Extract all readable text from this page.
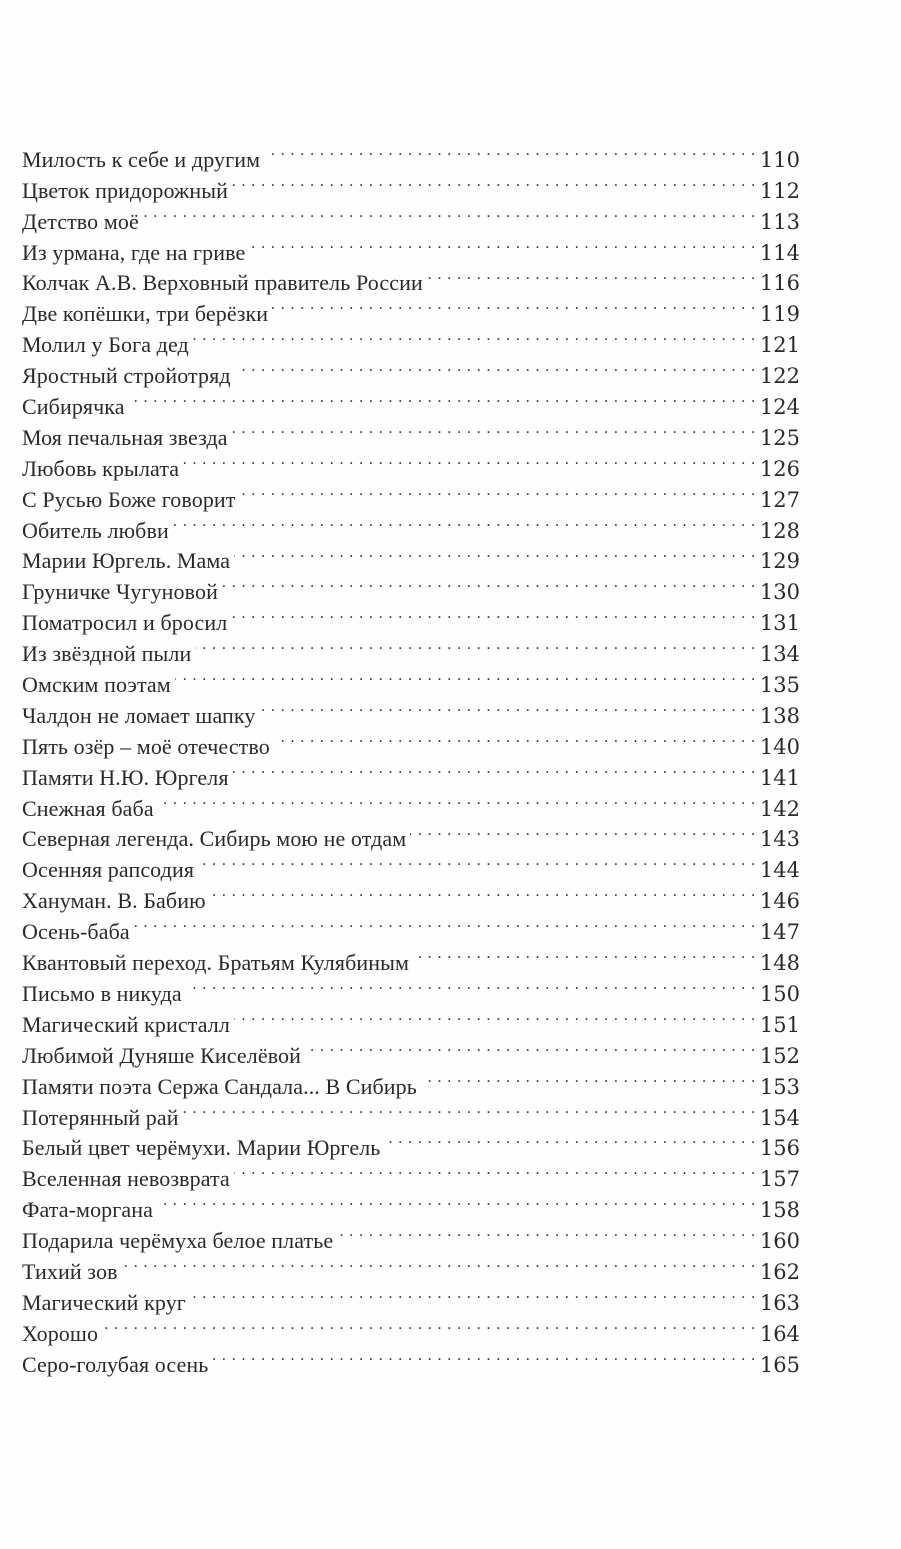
Милость к себе и другим . . .	110
Цветок придорожный . . .	112
Детство моё . . .	113
Из урмана, где на гриве . . .	114
Колчак А.В. Верховный правитель России . . .	116
Две копёшки, три берёзки . . .	119
Молил у Бога дед . . .	121
Яростный стройотряд . . .	122
Сибирячка . . .	124
Моя печальная звезда . . .	125
Любовь крылата . . .	126
С Русью Боже говорит . . .	127
Обитель любви . . .	128
Марии Юргель. Мама . . .	129
Груничке Чугуновой . . .	130
Поматросил и бросил . . .	131
Из звёздной пыли . . .	134
Омским поэтам . . .	135
Чалдон не ломает шапку . . .	138
Пять озёр – моё отечество . . .	140
Памяти Н.Ю. Юргеля . . .	141
Снежная баба . . .	142
Северная легенда. Сибирь мою не отдам . . .	143
Осенняя рапсодия . . .	144
Хануман. В. Бабию . . .	146
Осень-баба . . .	147
Квантовый переход. Братьям Кулябиным . . .	148
Письмо в никуда . . .	150
Магический кристалл . . .	151
Любимой Дуняше Киселёвой . . .	152
Памяти поэта Сержа Сандала... В Сибирь . . .	153
Потерянный рай . . .	154
Белый цвет черёмухи. Марии Юргель . . .	156
Вселенная невозврата . . .	157
Фата-моргана . . .	158
Подарила черёмуха белое платье . . .	160
Тихий зов . . .	162
Магический круг . . .	163
Хорошо . . .	164
Серо-голубая осень . . .	165
